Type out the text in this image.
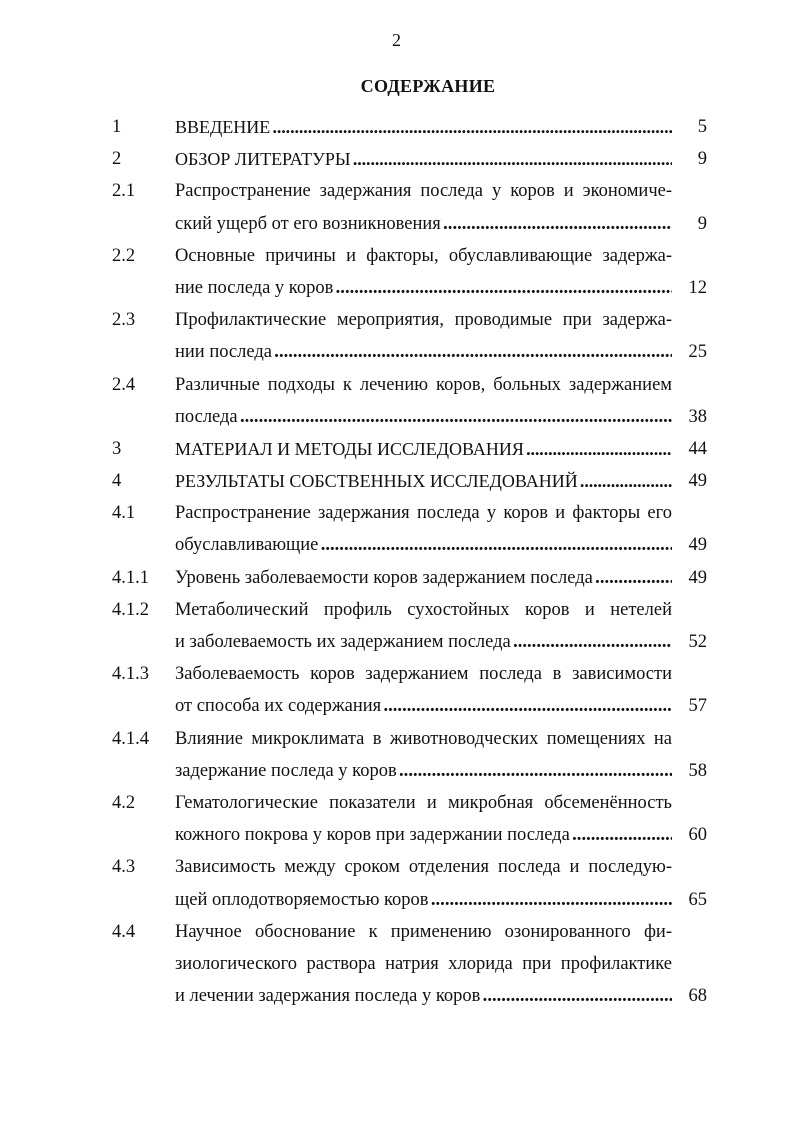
2
СОДЕРЖАНИЕ
1	ВВЕДЕНИЕ . . .	5
2	ОБЗОР ЛИТЕРАТУРЫ . . .	9
2.1 Распространение задержания последа у коров и экономиче-
ский ущерб от его возникновения . . .	9
2.2 Основные причины и факторы, обуславливающие задержа-
ние последа у коров . . .	12
2.3 Профилактические мероприятия, проводимые при задержа-
нии последа . . .	25
2.4 Различные подходы к лечению коров, больных задержанием
последа . . .	38
3	МАТЕРИАЛ И МЕТОДЫ ИССЛЕДОВАНИЯ . . .	44
4	РЕЗУЛЬТАТЫ СОБСТВЕННЫХ ИССЛЕДОВАНИЙ . . .	49
4.1 Распространение задержания последа у коров и факторы его
обуславливающие . . .	49
4.1.1 Уровень заболеваемости коров задержанием последа . . .	49
4.1.2 Метаболический профиль сухостойных коров и нетелей
и заболеваемость их задержанием последа . . .	52
4.1.3 Заболеваемость коров задержанием последа в зависимости
от способа их содержания . . .	57
4.1.4 Влияние микроклимата в животноводческих помещениях на
задержание последа у коров . . .	58
4.2 Гематологические показатели и микробная обсеменённость
кожного покрова у коров при задержании последа . . .	60
4.3 Зависимость между сроком отделения последа и последую-
щей оплодотворяемостью коров . . .	65
4.4 Научное обоснование к применению озонированного фи-
зиологического раствора натрия хлорида при профилактике
и лечении задержания последа у коров . . .	68
